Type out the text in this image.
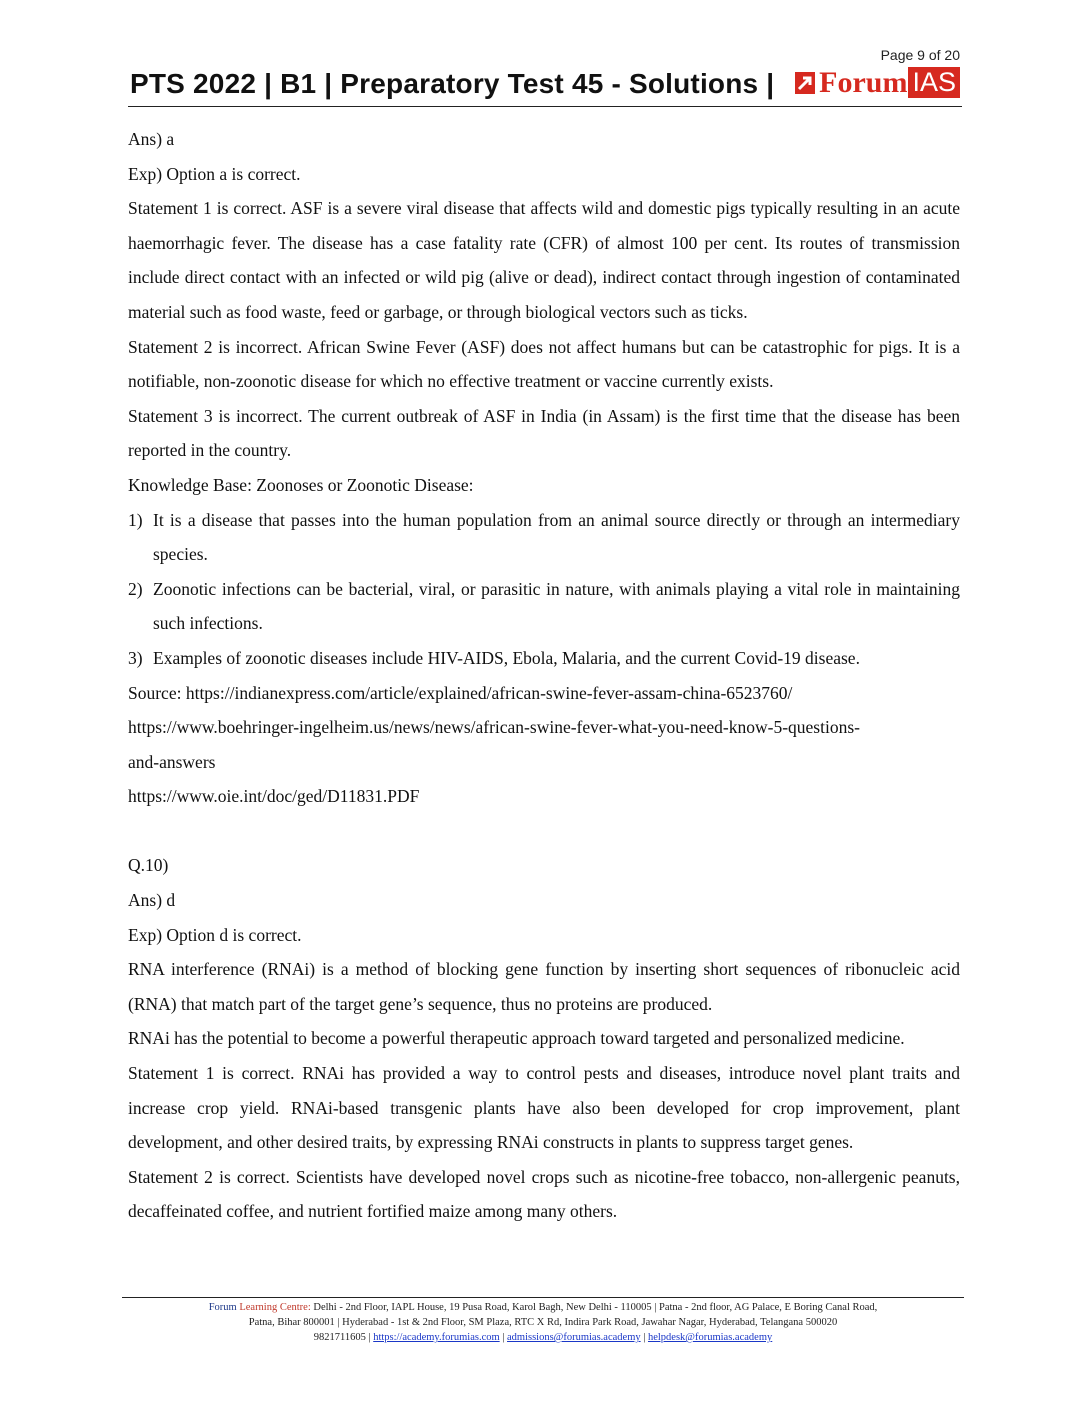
Page 9 of 20
PTS 2022 | B1 | Preparatory Test 45 - Solutions | Forum IAS

Ans) a

Exp) Option a is correct.

Statement 1 is correct. ASF is a severe viral disease that affects wild and domestic pigs typically resulting in an acute haemorrhagic fever. The disease has a case fatality rate (CFR) of almost 100 per cent. Its routes of transmission include direct contact with an infected or wild pig (alive or dead), indirect contact through ingestion of contaminated material such as food waste, feed or garbage, or through biological vectors such as ticks.

Statement 2 is incorrect. African Swine Fever (ASF) does not affect humans but can be catastrophic for pigs. It is a notifiable, non-zoonotic disease for which no effective treatment or vaccine currently exists.

Statement 3 is incorrect. The current outbreak of ASF in India (in Assam) is the first time that the disease has been reported in the country.

Knowledge Base: Zoonoses or Zoonotic Disease:

1) It is a disease that passes into the human population from an animal source directly or through an intermediary species.
2) Zoonotic infections can be bacterial, viral, or parasitic in nature, with animals playing a vital role in maintaining such infections.
3) Examples of zoonotic diseases include HIV-AIDS, Ebola, Malaria, and the current Covid-19 disease.

Source: https://indianexpress.com/article/explained/african-swine-fever-assam-china-6523760/

https://www.boehringer-ingelheim.us/news/news/african-swine-fever-what-you-need-know-5-questions-

and-answers

https://www.oie.int/doc/ged/D11831.PDF

Q.10)

Ans) d

Exp) Option d is correct.

RNA interference (RNAi) is a method of blocking gene function by inserting short sequences of ribonucleic acid (RNA) that match part of the target gene’s sequence, thus no proteins are produced.

RNAi has the potential to become a powerful therapeutic approach toward targeted and personalized medicine.

Statement 1 is correct. RNAi has provided a way to control pests and diseases, introduce novel plant traits and increase crop yield. RNAi-based transgenic plants have also been developed for crop improvement, plant development, and other desired traits, by expressing RNAi constructs in plants to suppress target genes.

Statement 2 is correct. Scientists have developed novel crops such as nicotine-free tobacco, non-allergenic peanuts, decaffeinated coffee, and nutrient fortified maize among many others.

Forum Learning Centre: Delhi - 2nd Floor, IAPL House, 19 Pusa Road, Karol Bagh, New Delhi - 110005 | Patna - 2nd floor, AG Palace, E Boring Canal Road,
Patna, Bihar 800001 | Hyderabad - 1st & 2nd Floor, SM Plaza, RTC X Rd, Indira Park Road, Jawahar Nagar, Hyderabad, Telangana 500020
9821711605 | https://academy.forumias.com | admissions@forumias.academy | helpdesk@forumias.academy
